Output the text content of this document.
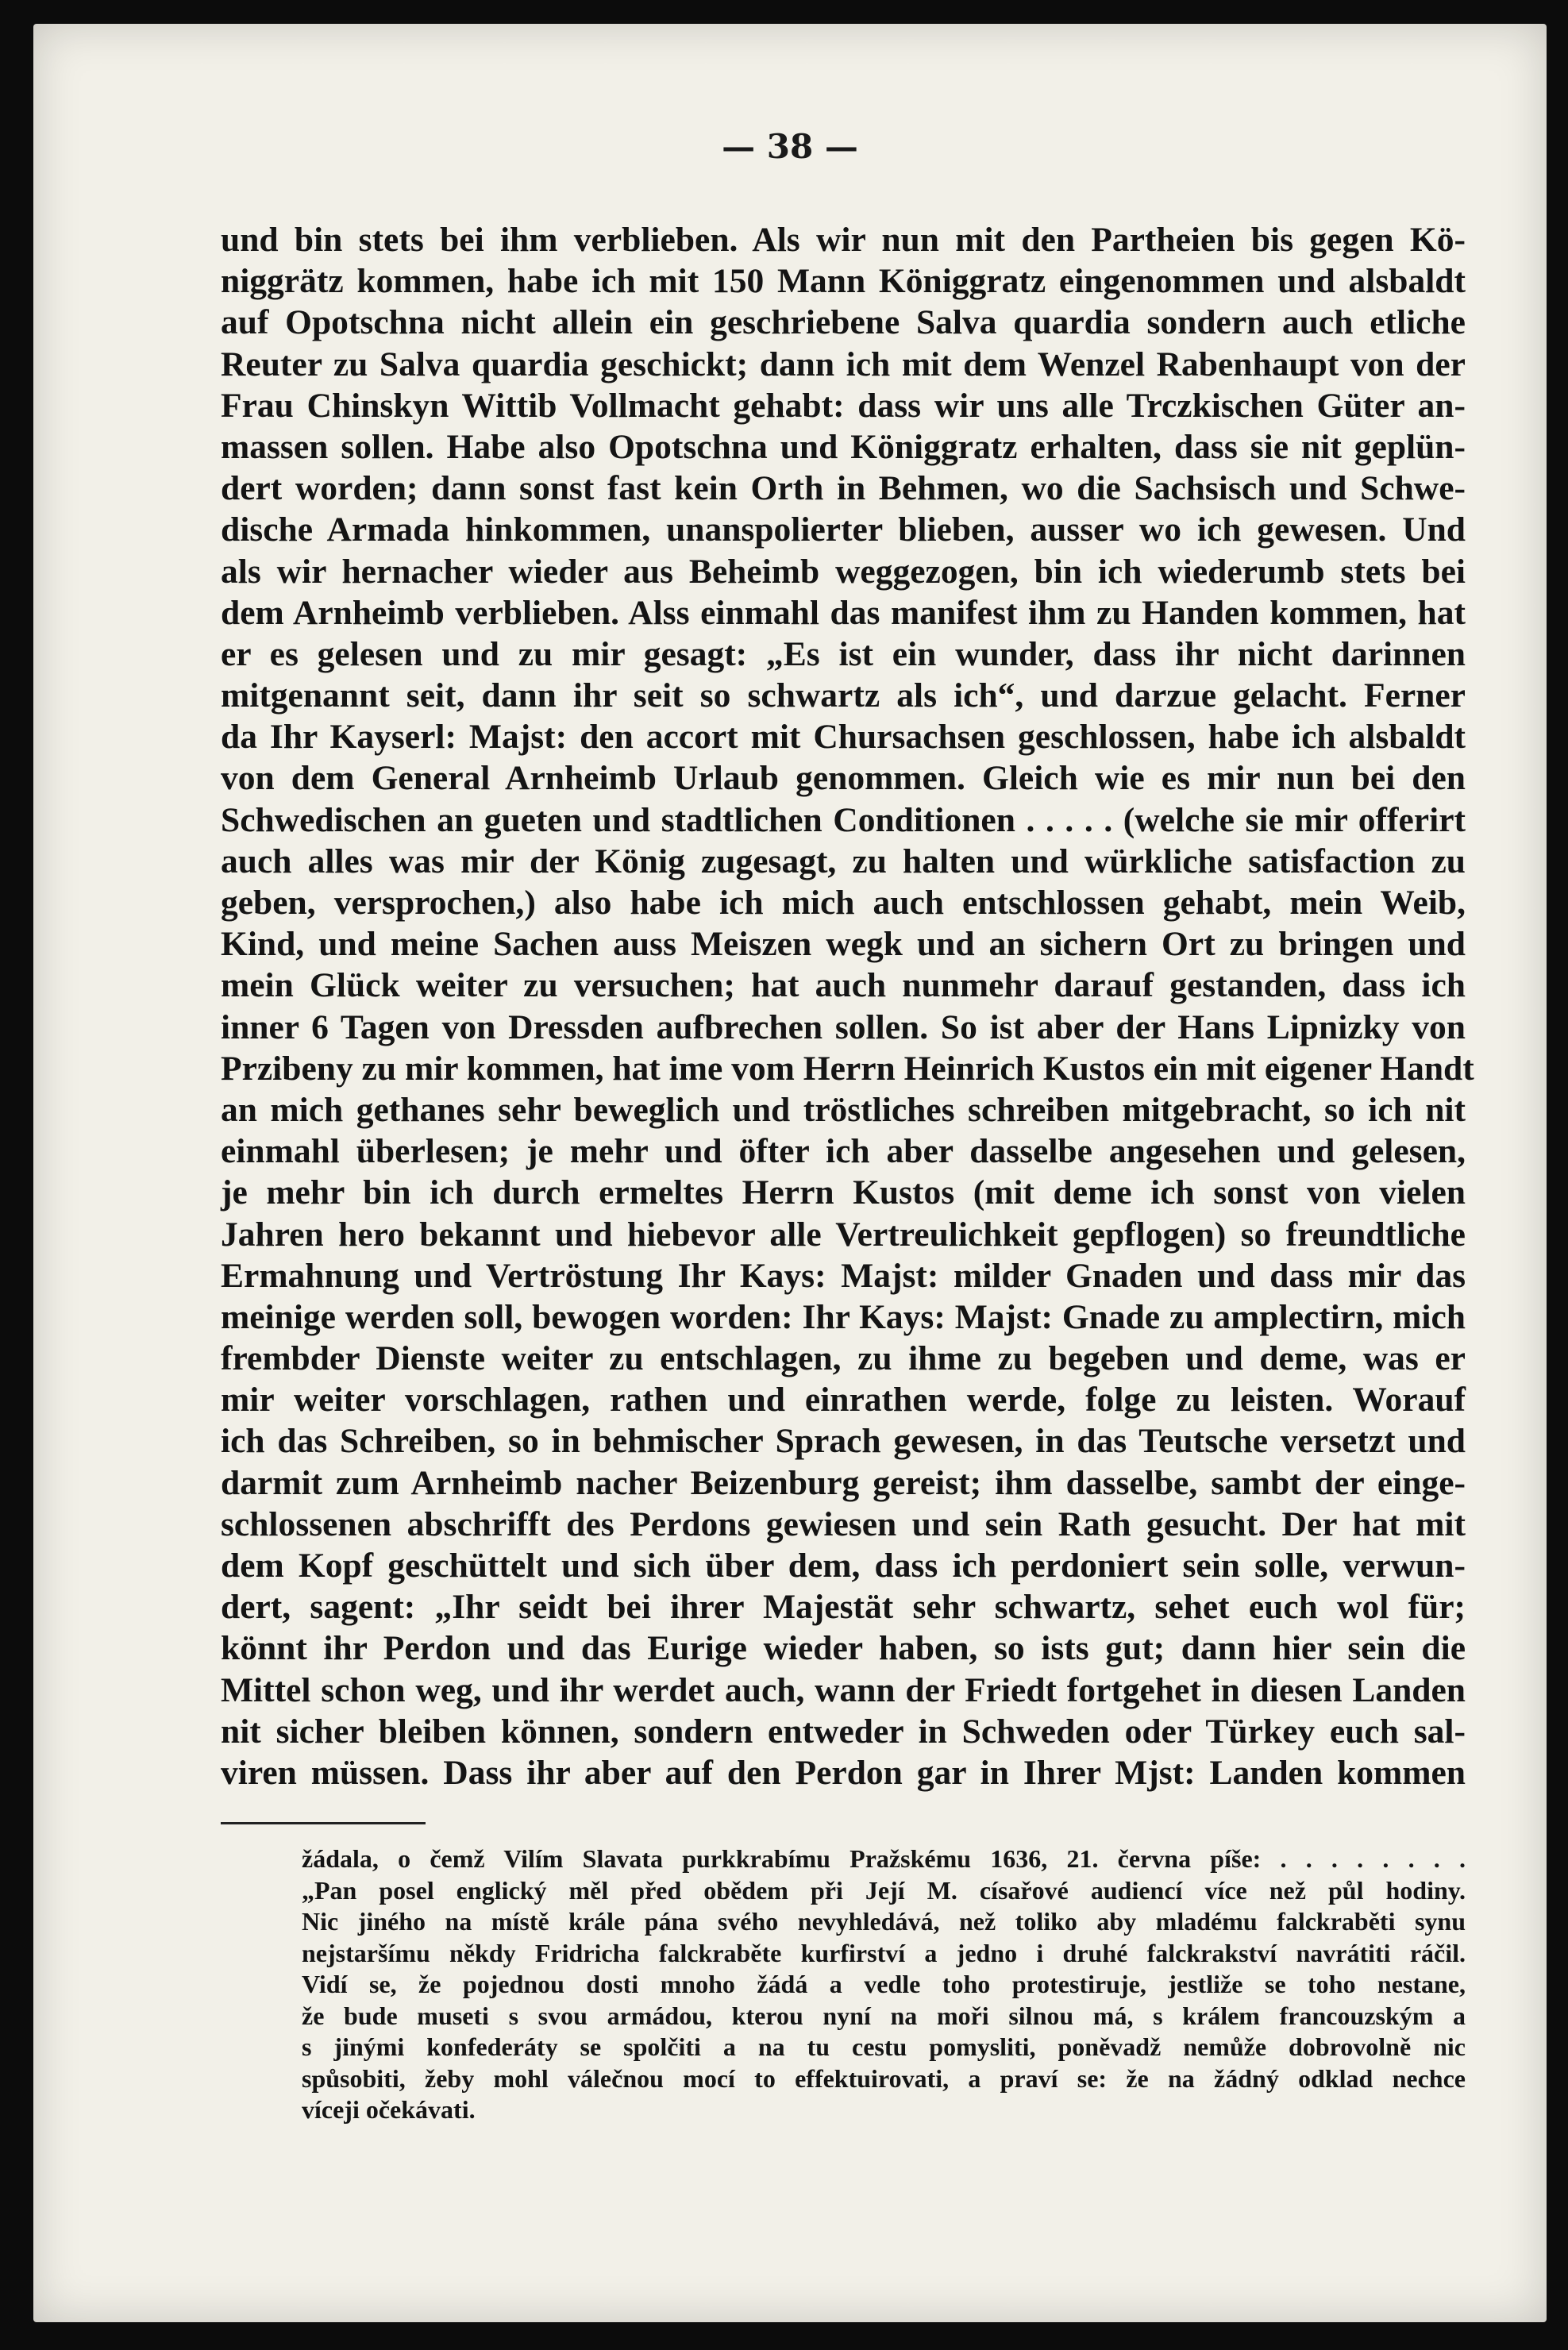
— 38 —
und bin stets bei ihm verblieben. Als wir nun mit den Partheien bis gegen Kö-
niggrätz kommen, habe ich mit 150 Mann Königgratz eingenommen und alsbaldt
auf Opotschna nicht allein ein geschriebene Salva quardia sondern auch etliche
Reuter zu Salva quardia geschickt; dann ich mit dem Wenzel Rabenhaupt von der
Frau Chinskyn Wittib Vollmacht gehabt: dass wir uns alle Trczkischen Güter an-
massen sollen. Habe also Opotschna und Königgratz erhalten, dass sie nit geplün-
dert worden; dann sonst fast kein Orth in Behmen, wo die Sachsisch und Schwe-
dische Armada hinkommen, unanspolierter blieben, ausser wo ich gewesen. Und
als wir hernacher wieder aus Beheimb weggezogen, bin ich wiederumb stets bei
dem Arnheimb verblieben. Alss einmahl das manifest ihm zu Handen kommen, hat
er es gelesen und zu mir gesagt: „Es ist ein wunder, dass ihr nicht darinnen
mitgenannt seit, dann ihr seit so schwartz als ich“, und darzue gelacht. Ferner
da Ihr Kayserl: Majst: den accort mit Chursachsen geschlossen, habe ich alsbaldt
von dem General Arnheimb Urlaub genommen. Gleich wie es mir nun bei den
Schwedischen an gueten und stadtlichen Conditionen . . . . . (welche sie mir offerirt
auch alles was mir der König zugesagt, zu halten und würkliche satisfaction zu
geben, versprochen,) also habe ich mich auch entschlossen gehabt, mein Weib,
Kind, und meine Sachen auss Meiszen wegk und an sichern Ort zu bringen und
mein Glück weiter zu versuchen; hat auch nunmehr darauf gestanden, dass ich
inner 6 Tagen von Dressden aufbrechen sollen. So ist aber der Hans Lipnizky von
Przibeny zu mir kommen, hat ime vom Herrn Heinrich Kustos ein mit eigener Handt
an mich gethanes sehr beweglich und tröstliches schreiben mitgebracht, so ich nit
einmahl überlesen; je mehr und öfter ich aber dasselbe angesehen und gelesen,
je mehr bin ich durch ermeltes Herrn Kustos (mit deme ich sonst von vielen
Jahren hero bekannt und hiebevor alle Vertreulichkeit gepflogen) so freundtliche
Ermahnung und Vertröstung Ihr Kays: Majst: milder Gnaden und dass mir das
meinige werden soll, bewogen worden: Ihr Kays: Majst: Gnade zu amplectirn, mich
frembder Dienste weiter zu entschlagen, zu ihme zu begeben und deme, was er
mir weiter vorschlagen, rathen und einrathen werde, folge zu leisten. Worauf
ich das Schreiben, so in behmischer Sprach gewesen, in das Teutsche versetzt und
darmit zum Arnheimb nacher Beizenburg gereist; ihm dasselbe, sambt der einge-
schlossenen abschrifft des Perdons gewiesen und sein Rath gesucht. Der hat mit
dem Kopf geschüttelt und sich über dem, dass ich perdoniert sein solle, verwun-
dert, sagent: „Ihr seidt bei ihrer Majestät sehr schwartz, sehet euch wol für;
könnt ihr Perdon und das Eurige wieder haben, so ists gut; dann hier sein die
Mittel schon weg, und ihr werdet auch, wann der Friedt fortgehet in diesen Landen
nit sicher bleiben können, sondern entweder in Schweden oder Türkey euch sal-
viren müssen. Dass ihr aber auf den Perdon gar in Ihrer Mjst: Landen kommen
žádala, o čemž Vilím Slavata purkkrabímu Pražskému 1636, 21. června píše: . . . . . . . .
„Pan posel englický měl před obědem při Její M. císařové audiencí více než půl hodiny.
Nic jiného na místě krále pána svého nevyhledává, než toliko aby mladému falckraběti synu
nejstaršímu někdy Fridricha falckraběte kurfirství a jedno i druhé falckrakství navrátiti ráčil.
Vidí se, že pojednou dosti mnoho žádá a vedle toho protestiruje, jestliže se toho nestane,
že bude museti s svou armádou, kterou nyní na moři silnou má, s králem francouzským a
s jinými konfederáty se spolčiti a na tu cestu pomysliti, poněvadž nemůže dobrovolně nic
spůsobiti, žeby mohl válečnou mocí to effektuirovati, a praví se: že na žádný odklad nechce
víceji očekávati.
